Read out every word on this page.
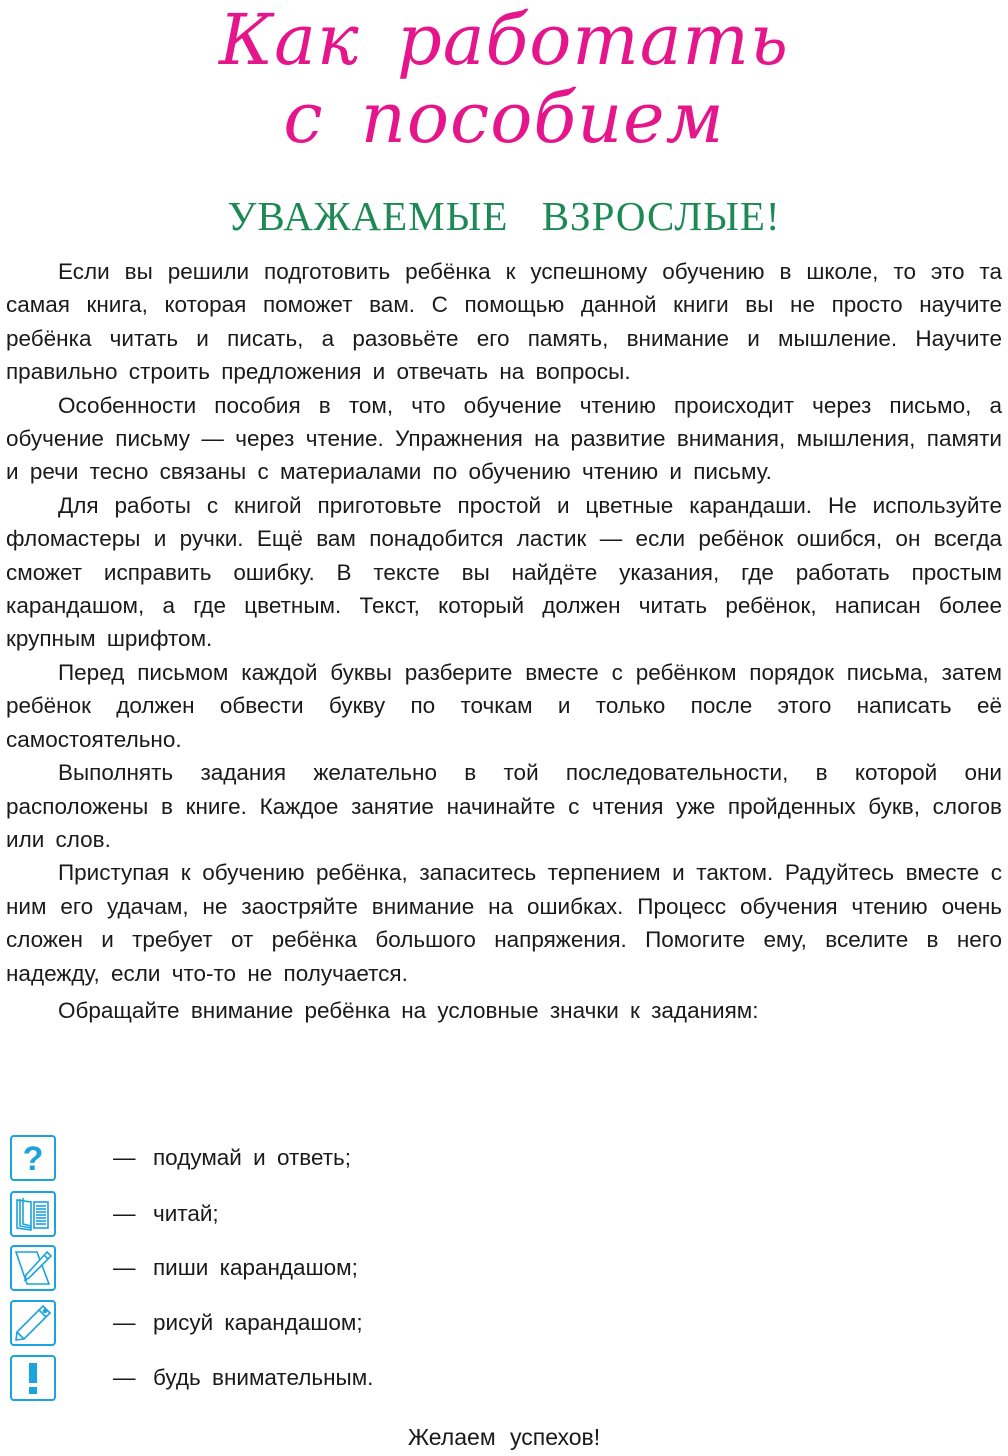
Как работать
с пособием
УВАЖАЕМЫЕ ВЗРОСЛЫЕ!

Если вы решили подготовить ребёнка к успешному обучению в школе, то это та самая книга, которая поможет вам. С помощью данной книги вы не просто научите ребёнка читать и писать, а разовьёте его память, внимание и мышление. Научите правильно строить предложения и отвечать на вопросы.

Особенности пособия в том, что обучение чтению происходит через письмо, а обучение письму — через чтение. Упражнения на развитие внимания, мышления, памяти и речи тесно связаны с материалами по обучению чтению и письму.

Для работы с книгой приготовьте простой и цветные карандаши. Не используйте фломастеры и ручки. Ещё вам понадобится ластик — если ребёнок ошибся, он всегда сможет исправить ошибку. В тексте вы найдёте указания, где работать простым карандашом, а где цветным. Текст, который должен читать ребёнок, написан более крупным шрифтом.

Перед письмом каждой буквы разберите вместе с ребёнком порядок письма, затем ребёнок должен обвести букву по точкам и только после этого написать её самостоятельно.

Выполнять задания желательно в той последовательности, в которой они расположены в книге. Каждое занятие начинайте с чтения уже пройденных букв, слогов или слов.

Приступая к обучению ребёнка, запаситесь терпением и тактом. Радуйтесь вместе с ним его удачам, не заостряйте внимание на ошибках. Процесс обучения чтению очень сложен и требует от ребёнка большого напряжения. Помогите ему, вселите в него надежду, если что-то не получается.

Обращайте внимание ребёнка на условные значки к заданиям:

?	— подумай и ответь;
— читай;
— пиши карандашом;
— рисуй карандашом;
— будь внимательным.
Желаем успехов!
